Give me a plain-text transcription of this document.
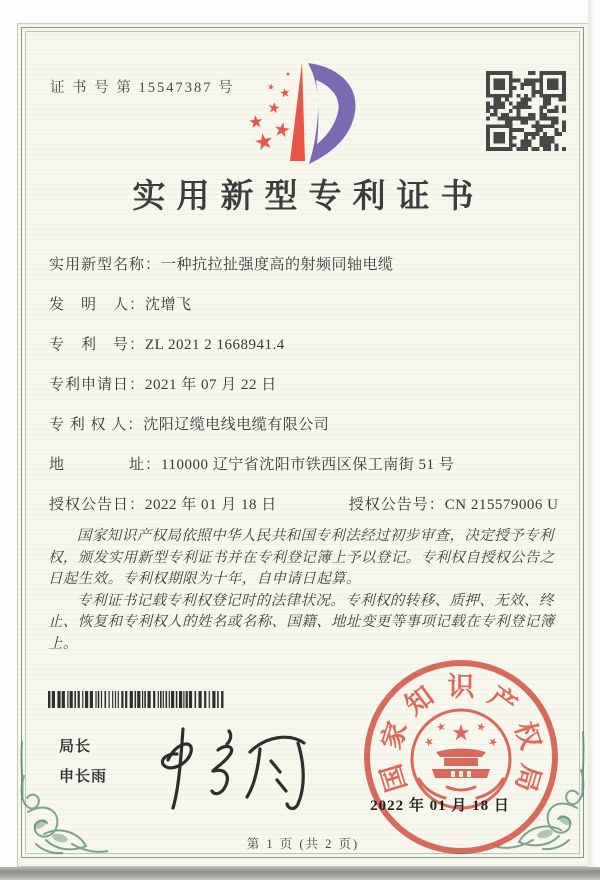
证 书 号 第 15547387 号
实用新型专利证书
实用新型名称：一种抗拉扯强度高的射频同轴电缆
发　明　人：沈增飞
专　利　号：ZL 2021 2 1668941.4
专利申请日：2021 年 07 月 22 日
专 利 权 人：沈阳辽缆电线电缆有限公司
地　　　　址：110000 辽宁省沈阳市铁西区保工南街 51 号
授权公告日：2022 年 01 月 18 日	授权公告号：CN 215579006 U

国家知识产权局依照中华人民共和国专利法经过初步审查，决定授予专利权，颁发实用新型专利证书并在专利登记簿上予以登记。专利权自授权公告之日起生效。专利权期限为十年，自申请日起算。

专利证书记载专利权登记时的法律状况。专利权的转移、质押、无效、终止、恢复和专利权人的姓名或名称、国籍、地址变更等事项记载在专利登记簿上。

局长
申长雨	国
家
知 识 产
权
局
2022 年 01 月 18 日
第 1 页 (共 2 页)
